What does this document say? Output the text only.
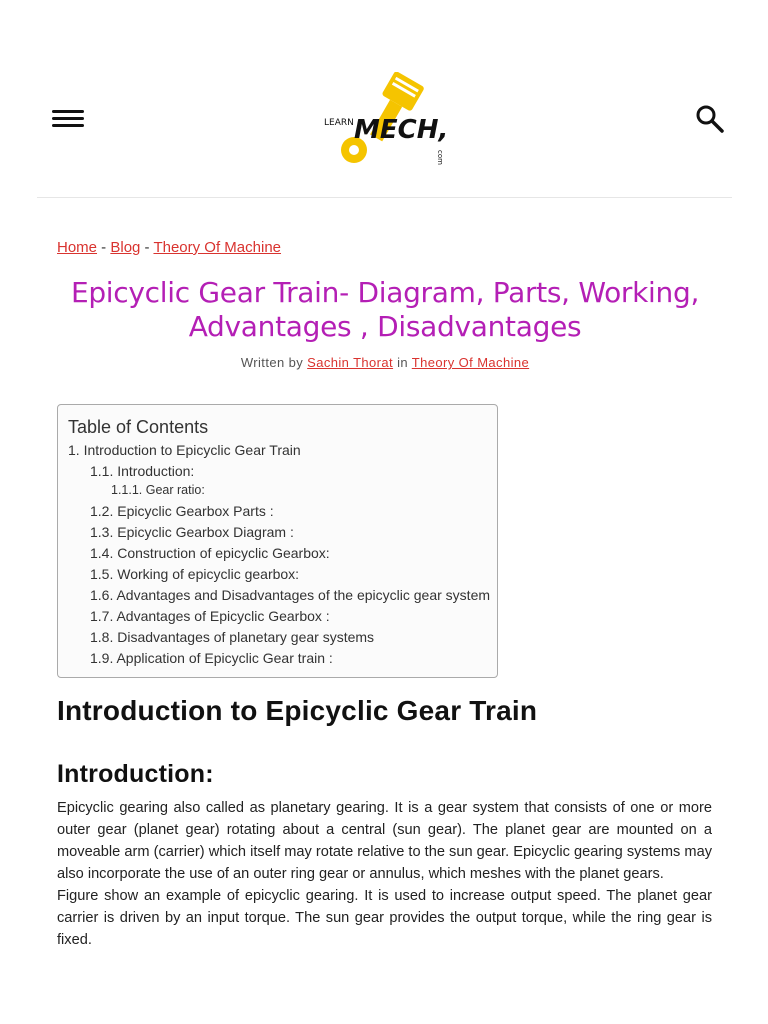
LEARN MECH,
com
Home - Blog - Theory Of Machine
Epicyclic Gear Train- Diagram, Parts, Working, Advantages , Disadvantages
Written by Sachin Thorat in Theory Of Machine
Table of Contents
1. Introduction to Epicyclic Gear Train
1.1. Introduction:
1.1.1. Gear ratio:
1.2. Epicyclic Gearbox Parts :
1.3. Epicyclic Gearbox Diagram :
1.4. Construction of epicyclic Gearbox:
1.5. Working of epicyclic gearbox:
1.6. Advantages and Disadvantages of the epicyclic gear system
1.7. Advantages of Epicyclic Gearbox :
1.8. Disadvantages of planetary gear systems
1.9. Application of Epicyclic Gear train :
Introduction to Epicyclic Gear Train
Introduction:

Epicyclic gearing also called as planetary gearing. It is a gear system that consists of one or more outer gear (planet gear) rotating about a central (sun gear). The planet gear are mounted on a moveable arm (carrier) which itself may rotate relative to the sun gear. Epicyclic gearing systems may also incorporate the use of an outer ring gear or annulus, which meshes with the planet gears.

Figure show an example of epicyclic gearing. It is used to increase output speed. The planet gear carrier is driven by an input torque. The sun gear provides the output torque, while the ring gear is fixed.
